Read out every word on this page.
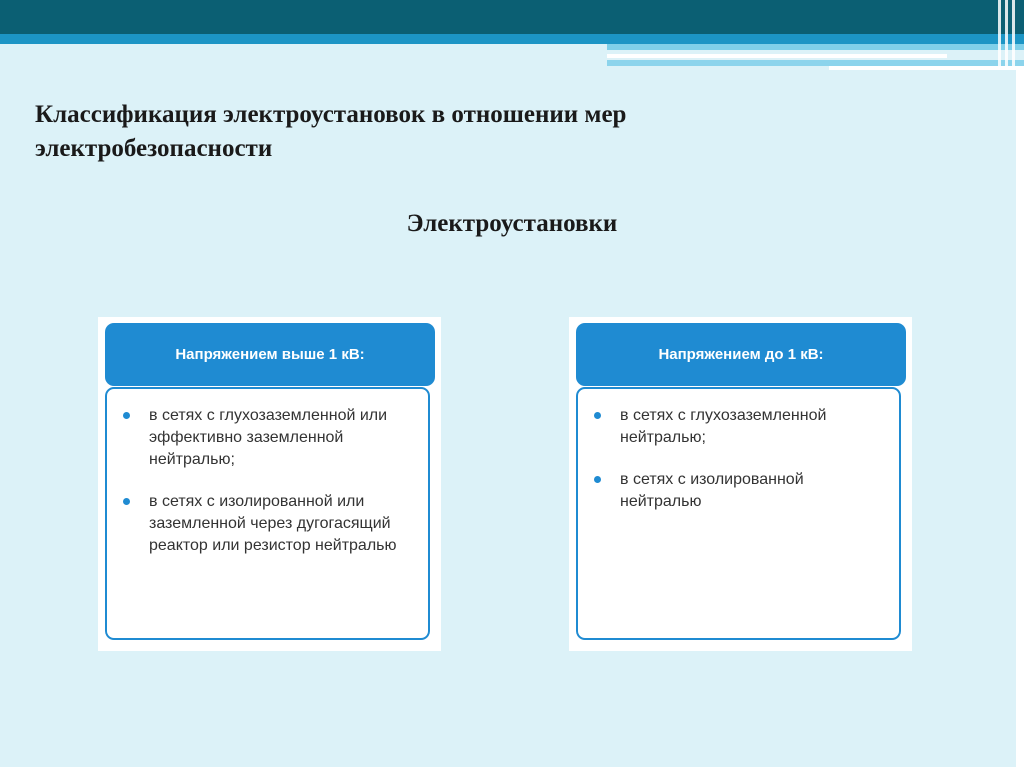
Классификация электроустановок в отношении мер
электробезопасности
Электроустановки
Напряжением выше 1 кВ:
в сетях с глухозаземленной или эффективно заземленной нейтралью;
в сетях с изолированной или заземленной через дугогасящий реактор или резистор нейтралью
Напряжением до 1 кВ:
в сетях с глухозаземленной нейтралью;
в сетях с изолированной нейтралью
